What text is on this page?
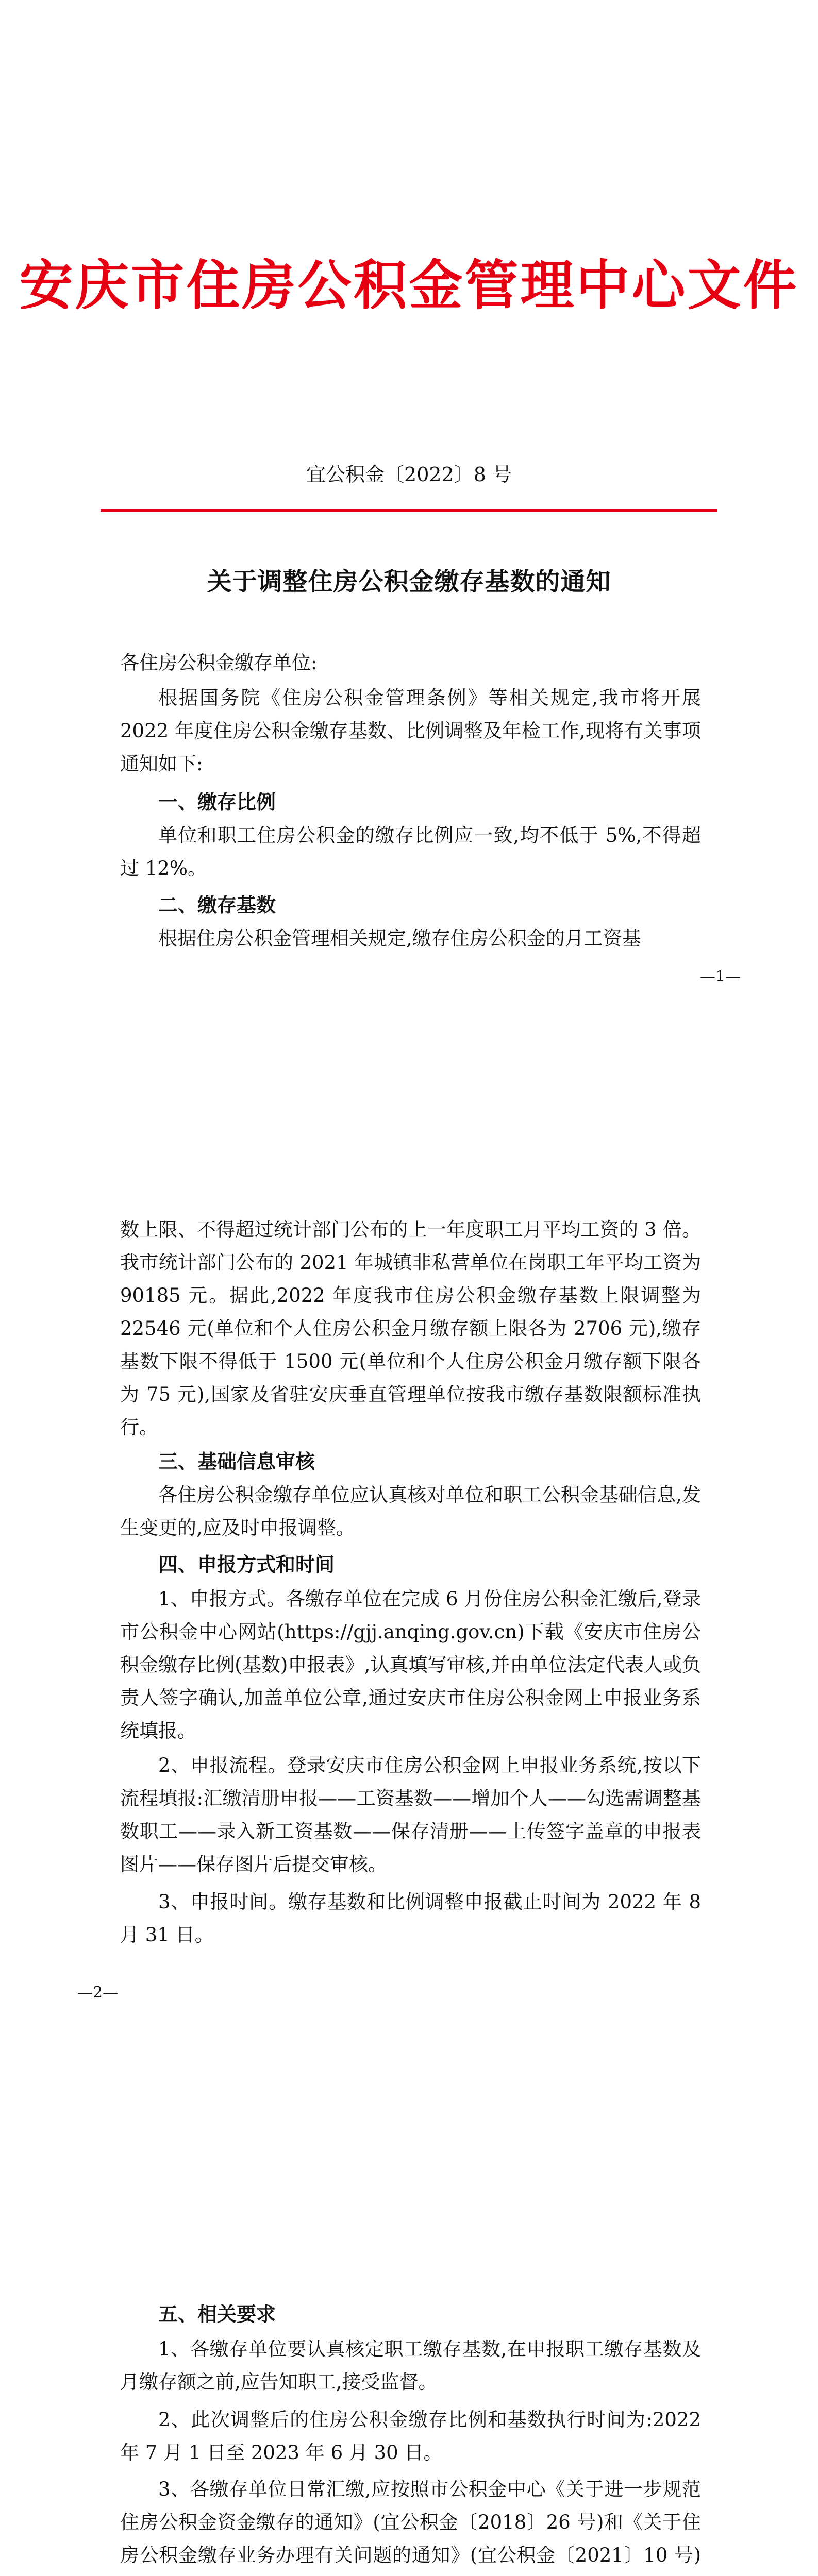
安庆市住房公积金管理中心文件
宜公积金〔2022〕8 号
关于调整住房公积金缴存基数的通知

各住房公积金缴存单位:

根据国务院《住房公积金管理条例》等相关规定,我市将开展 2022 年度住房公积金缴存基数、比例调整及年检工作,现将有关事项通知如下:

一、缴存比例

单位和职工住房公积金的缴存比例应一致,均不低于 5%,不得超过 12%。

二、缴存基数

根据住房公积金管理相关规定,缴存住房公积金的月工资基

—1—

数上限、不得超过统计部门公布的上一年度职工月平均工资的 3 倍。我市统计部门公布的 2021 年城镇非私营单位在岗职工年平均工资为 90185 元。据此,2022 年度我市住房公积金缴存基数上限调整为 22546 元(单位和个人住房公积金月缴存额上限各为 2706 元),缴存基数下限不得低于 1500 元(单位和个人住房公积金月缴存额下限各为 75 元),国家及省驻安庆垂直管理单位按我市缴存基数限额标准执行。

三、基础信息审核

各住房公积金缴存单位应认真核对单位和职工公积金基础信息,发生变更的,应及时申报调整。

四、申报方式和时间

1、申报方式。各缴存单位在完成 6 月份住房公积金汇缴后,登录市公积金中心网站(https://gjj.anqing.gov.cn)下载《安庆市住房公积金缴存比例(基数)申报表》,认真填写审核,并由单位法定代表人或负责人签字确认,加盖单位公章,通过安庆市住房公积金网上申报业务系统填报。

2、申报流程。登录安庆市住房公积金网上申报业务系统,按以下流程填报:汇缴清册申报——工资基数——增加个人——勾选需调整基数职工——录入新工资基数——保存清册——上传签字盖章的申报表图片——保存图片后提交审核。

3、申报时间。缴存基数和比例调整申报截止时间为 2022 年 8 月 31 日。

—2—

五、相关要求

1、各缴存单位要认真核定职工缴存基数,在申报职工缴存基数及月缴存额之前,应告知职工,接受监督。

2、此次调整后的住房公积金缴存比例和基数执行时间为:2022 年 7 月 1 日至 2023 年 6 月 30 日。

3、各缴存单位日常汇缴,应按照市公积金中心《关于进一步规范住房公积金资金缴存的通知》(宜公积金〔2018〕26 号)和《关于住房公积金缴存业务办理有关问题的通知》(宜公积金〔2021〕10 号)
